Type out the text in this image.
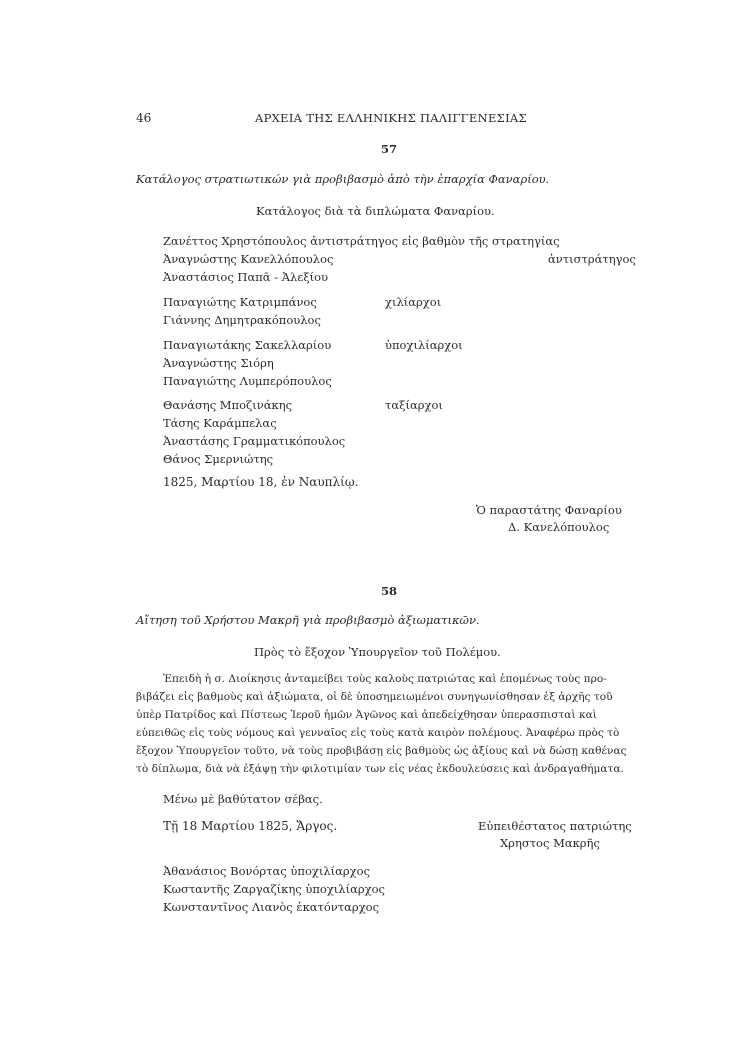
46	ΑΡΧΕΙΑ ΤΗΣ ΕΛΛΗΝΙΚΗΣ ΠΑΛΙΓΓΕΝΕΣΙΑΣ
57
Κατάλογος στρατιωτικών γιὰ προβιβασμὸ ἀπὸ τὴν ἐπαρχία Φαναρίου.
Κατάλογος διὰ τὰ διπλώματα Φαναρίου.
Ζανέττος Χρηστόπουλος ἀντιστράτηγος εἰς βαθμὸν τῆς στρατηγίας
Ἀναγνώστης Κανελλόπουλος	ἀντιστράτηγος
Ἀναστάσιος Παπᾶ - Ἀλεξίου
Παναγιώτης Κατριμπάνος	χιλίαρχοι
Γιάννης Δημητρακόπουλος
Παναγιωτάκης Σακελλαρίου	ὑποχιλίαρχοι
Ἀναγνώστης Σιόρη
Παναγιώτης Λυμπερόπουλος
Θανάσης Μποζινάκης	ταξίαρχοι
Τάσης Καράμπελας
Ἀναστάσης Γραμματικόπουλος
Θάνος Σμερνιώτης
1825, Μαρτίου 18, ἐν Ναυπλίῳ.
Ὁ παραστάτης Φαναρίου
Δ. Κανελόπουλος
58
Αἴτηση τοῦ Χρήστου Μακρῆ γιὰ προβιβασμὸ ἀξιωματικῶν.
Πρὸς τὸ ἔξοχον Ὑπουργεῖον τοῦ Πολέμου.
Ἐπειδὴ ἡ σ. Διοίκησις ἀνταμείβει τοὺς καλοὺς πατριώτας καὶ ἑπομένως τοὺς προ-
βιβάζει εἰς βαθμοὺς καὶ ἀξιώματα, οἱ δὲ ὑποσημειωμένοι συνηγωνίσθησαν ἐξ ἀρχῆς τοῦ
ὑπὲρ Πατρίδος καὶ Πίστεως Ἱεροῦ ἡμῶν Ἀγῶνος καὶ ἀπεδείχθησαν ὑπερασπισταὶ καὶ
εὐπειθῶς εἰς τοὺς νόμους καὶ γενναῖος εἰς τοὺς κατὰ καιρὸν πολέμους. Ἀναφέρω πρὸς τὸ
ἔξοχον Ὑπουργεῖον τοῦτο, νὰ τοὺς προβιβάσῃ εἰς βαθμοὺς ὡς ἀξίους καὶ νὰ δώσῃ καθένας
τὸ δίπλωμα, διὰ νὰ ἐξάψῃ τὴν φιλοτιμίαν των εἰς νέας ἐκδουλεύσεις καὶ ἀνδραγαθήματα.
Μένω μὲ βαθύτατον σέβας.
Τῇ 18 Μαρτίου 1825, Ἄργος.	Εὐπειθέστατος πατριώτης
Χρηστος Μακρῆς
Ἀθανάσιος Βονόρτας ὑποχιλίαρχος
Κωσταντῆς Ζαργαζίκης ὑποχιλίαρχος
Κωνσταντῖνος Λιανὸς ἑκατόνταρχος
